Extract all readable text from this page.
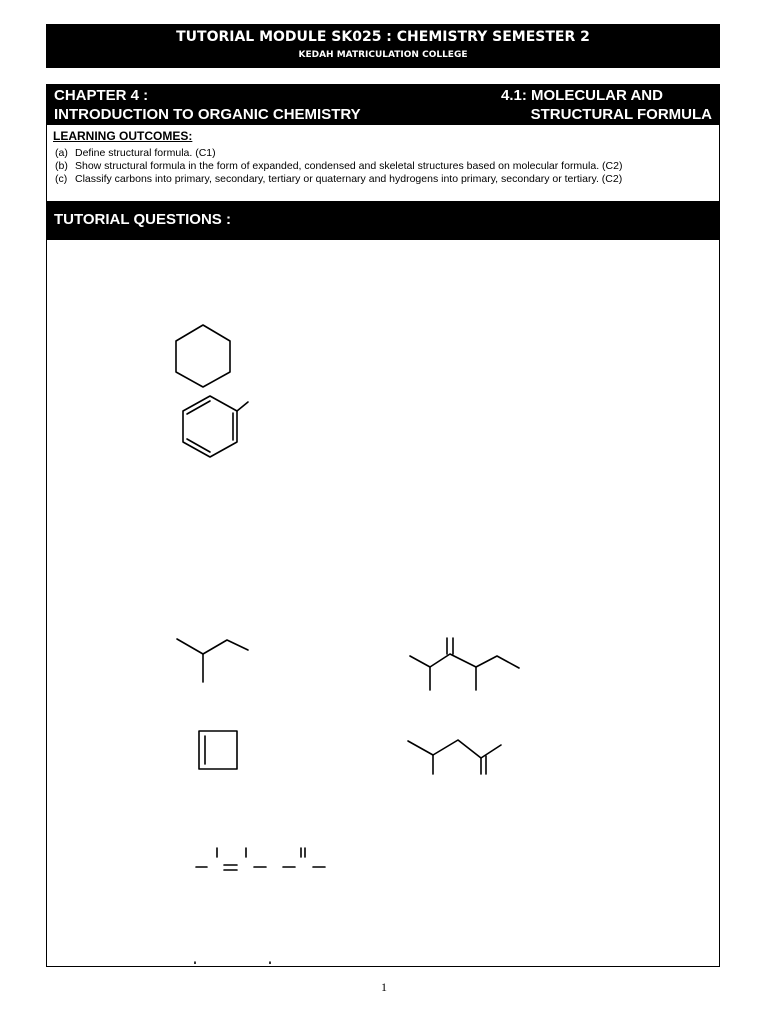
TUTORIAL MODULE SK025 : CHEMISTRY SEMESTER 2
KEDAH MATRICULATION COLLEGE
CHAPTER 4 :
INTRODUCTION TO ORGANIC CHEMISTRY
4.1: MOLECULAR AND
STRUCTURAL FORMULA
LEARNING OUTCOMES:
(a) Define structural formula. (C1)
(b) Show structural formula in the form of expanded, condensed and skeletal structures based on molecular formula. (C2)
(c) Classify carbons into primary, secondary, tertiary or quaternary and hydrogens into primary, secondary or tertiary. (C2)
TUTORIAL QUESTIONS :
1
